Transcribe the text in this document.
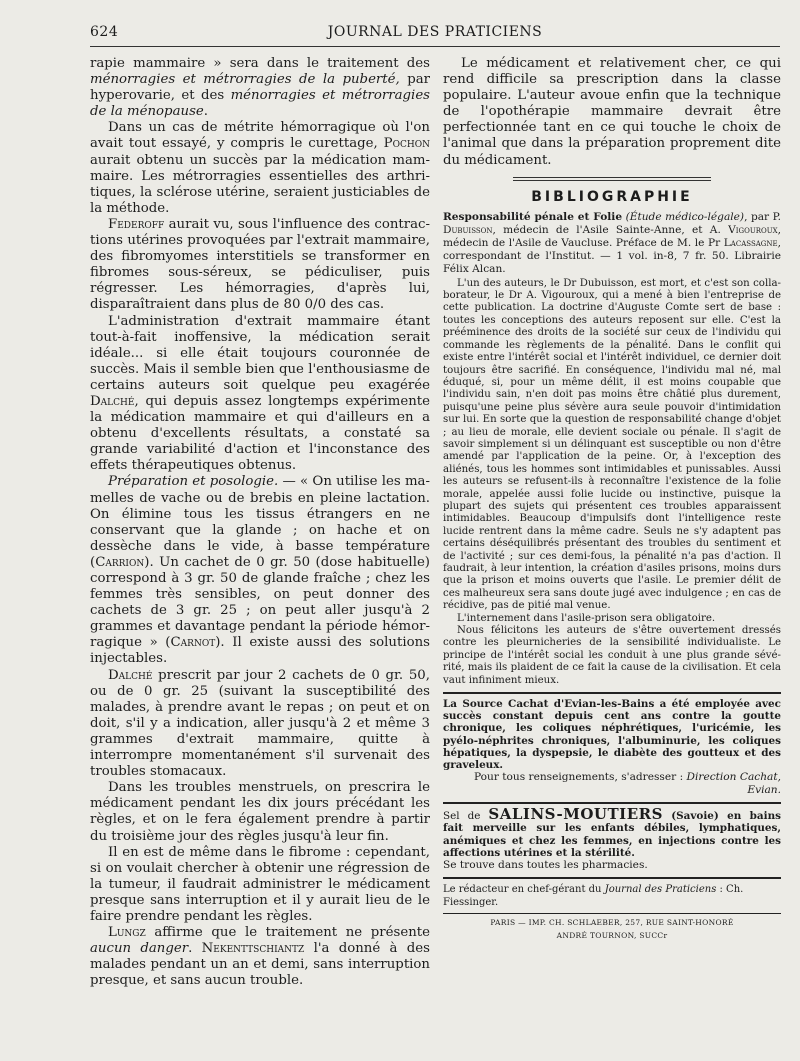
624	JOURNAL DES PRATICIENS

rapie mammaire » sera dans le traitement des ménorragies et métrorragies de la puberté, par hyperovarie, et des ménorragies et métrorragies de la ménopause.

Dans un cas de métrite hémorragique où l'on avait tout essayé, y compris le curettage, Pochon aurait obtenu un succès par la médication mammaire. Les métrorragies essentielles des arthritiques, la sclérose utérine, seraient justiciables de la méthode.

Federoff aurait vu, sous l'influence des contractions utérines provoquées par l'extrait mammaire, des fibromyomes interstitiels se transformer en fibromes sous-séreux, se pédiculiser, puis régresser. Les hémorragies, d'après lui, disparaîtraient dans plus de 80 0/0 des cas.

L'administration d'extrait mammaire étant tout-à-fait inoffensive, la médication serait idéale... si elle était toujours couronnée de succès. Mais il semble bien que l'enthousiasme de certains auteurs soit quelque peu exagérée Dalché, qui depuis assez longtemps expérimente la médication mammaire et qui d'ailleurs en a obtenu d'excellents résultats, a constaté sa grande variabilité d'action et l'inconstance des effets thérapeutiques obtenus.

Préparation et posologie. — « On utilise les mamelles de vache ou de brebis en pleine lactation. On élimine tous les tissus étrangers en ne conservant que la glande ; on hache et on dessèche dans le vide, à basse température (Carrion). Un cachet de 0 gr. 50 (dose habituelle) correspond à 3 gr. 50 de glande fraîche ; chez les femmes très sensibles, on peut donner des cachets de 3 gr. 25 ; on peut aller jusqu'à 2 grammes et davantage pendant la période hémorragique » (Carnot). Il existe aussi des solutions injectables.

Dalché prescrit par jour 2 cachets de 0 gr. 50, ou de 0 gr. 25 (suivant la susceptibilité des malades, à prendre avant le repas ; on peut et on doit, s'il y a indication, aller jusqu'à 2 et même 3 grammes d'extrait mammaire, quitte à interrompre momentanément s'il survenait des troubles stomacaux.

Dans les troubles menstruels, on prescrira le médicament pendant les dix jours précédant les règles, et on le fera également prendre à partir du troisième jour des règles jusqu'à leur fin.

Il en est de même dans le fibrome : cependant, si on voulait chercher à obtenir une régression de la tumeur, il faudrait administrer le médicament presque sans interruption et il y aurait lieu de le faire prendre pendant les règles.

Lungz affirme que le traitement ne présente aucun danger. Nekenttschiantz l'a donné à des malades pendant un an et demi, sans interruption presque, et sans aucun trouble.

Le médicament et relativement cher, ce qui rend difficile sa prescription dans la classe populaire. L'auteur avoue enfin que la technique de l'opothérapie mammaire devrait être perfectionnée tant en ce qui touche le choix de l'animal que dans la préparation proprement dite du médicament.

BIBLIOGRAPHIE

Responsabilité pénale et Folie (Étude médico-légale), par P. Dubuisson, médecin de l'Asile Sainte-Anne, et A. Vigouroux, médecin de l'Asile de Vaucluse. Préface de M. le Pr Lacassagne, correspondant de l'Institut. — 1 vol. in-8, 7 fr. 50. Librairie Félix Alcan.

L'un des auteurs, le Dr Dubuisson, est mort, et c'est son collaborateur, le Dr A. Vigouroux, qui a mené à bien l'entreprise de cette publication. La doctrine d'Auguste Comte sert de base : toutes les conceptions des auteurs reposent sur elle. C'est la prééminence des droits de la société sur ceux de l'individu qui commande les règlements de la pénalité. Dans le conflit qui existe entre l'intérêt social et l'intérêt individuel, ce dernier doit toujours être sacrifié. En conséquence, l'individu mal né, mal éduqué, si, pour un même délit, il est moins coupable que l'individu sain, n'en doit pas moins être châtié plus durement, puisqu'une peine plus sévère aura seule pouvoir d'intimidation sur lui. En sorte que la question de responsabilité change d'objet ; au lieu de morale, elle devient sociale ou pénale. Il s'agit de savoir simplement si un délinquant est susceptible ou non d'être amendé par l'application de la peine. Or, à l'exception des aliénés, tous les hommes sont intimidables et punissables. Aussi les auteurs se refusent-ils à reconnaître l'existence de la folie morale, appelée aussi folie lucide ou instinctive, puisque la plupart des sujets qui présentent ces troubles apparaissent intimidables. Beaucoup d'impulsifs dont l'intelligence reste lucide rentrent dans la même cadre. Seuls ne s'y adaptent pas certains déséquilibrés présentant des troubles du sentiment et de l'activité ; sur ces demi-fous, la pénalité n'a pas d'action. Il faudrait, à leur intention, la création d'asiles prisons, moins durs que la prison et moins ouverts que l'asile. Le premier délit de ces malheureux sera sans doute jugé avec indulgence ; en cas de récidive, pas de pitié mal venue.

L'internement dans l'asile-prison sera obligatoire.

Nous félicitons les auteurs de s'être ouvertement dressés contre les pleurnicheries de la sensibilité individualiste. Le principe de l'intérêt social les conduit à une plus grande sévérité, mais ils plaident de ce fait la cause de la civilisation. Et cela vaut infiniment mieux.

La Source Cachat d'Evian-les-Bains a été employée avec succès constant depuis cent ans contre la goutte chronique, les coliques néphrétiques, l'uricémie, les pyélo-néphrites chroniques, l'albuminurie, les coliques hépatiques, la dyspepsie, le diabète des goutteux et des graveleux.

Pour tous renseignements, s'adresser : Direction Cachat, Evian.

Sel de SALINS-MOUTIERS (Savoie) en bains fait merveille sur les enfants débiles, lymphatiques, anémiques et chez les femmes, en injections contre les affections utérines et la stérilité.

Se trouve dans toutes les pharmacies.

Le rédacteur en chef-gérant du Journal des Praticiens : Ch. Fiessinger.

PARIS — IMP. CH. SCHLAEBER, 257, RUE SAINT-HONORÉ

ANDRÉ TOURNON, SUCCr
